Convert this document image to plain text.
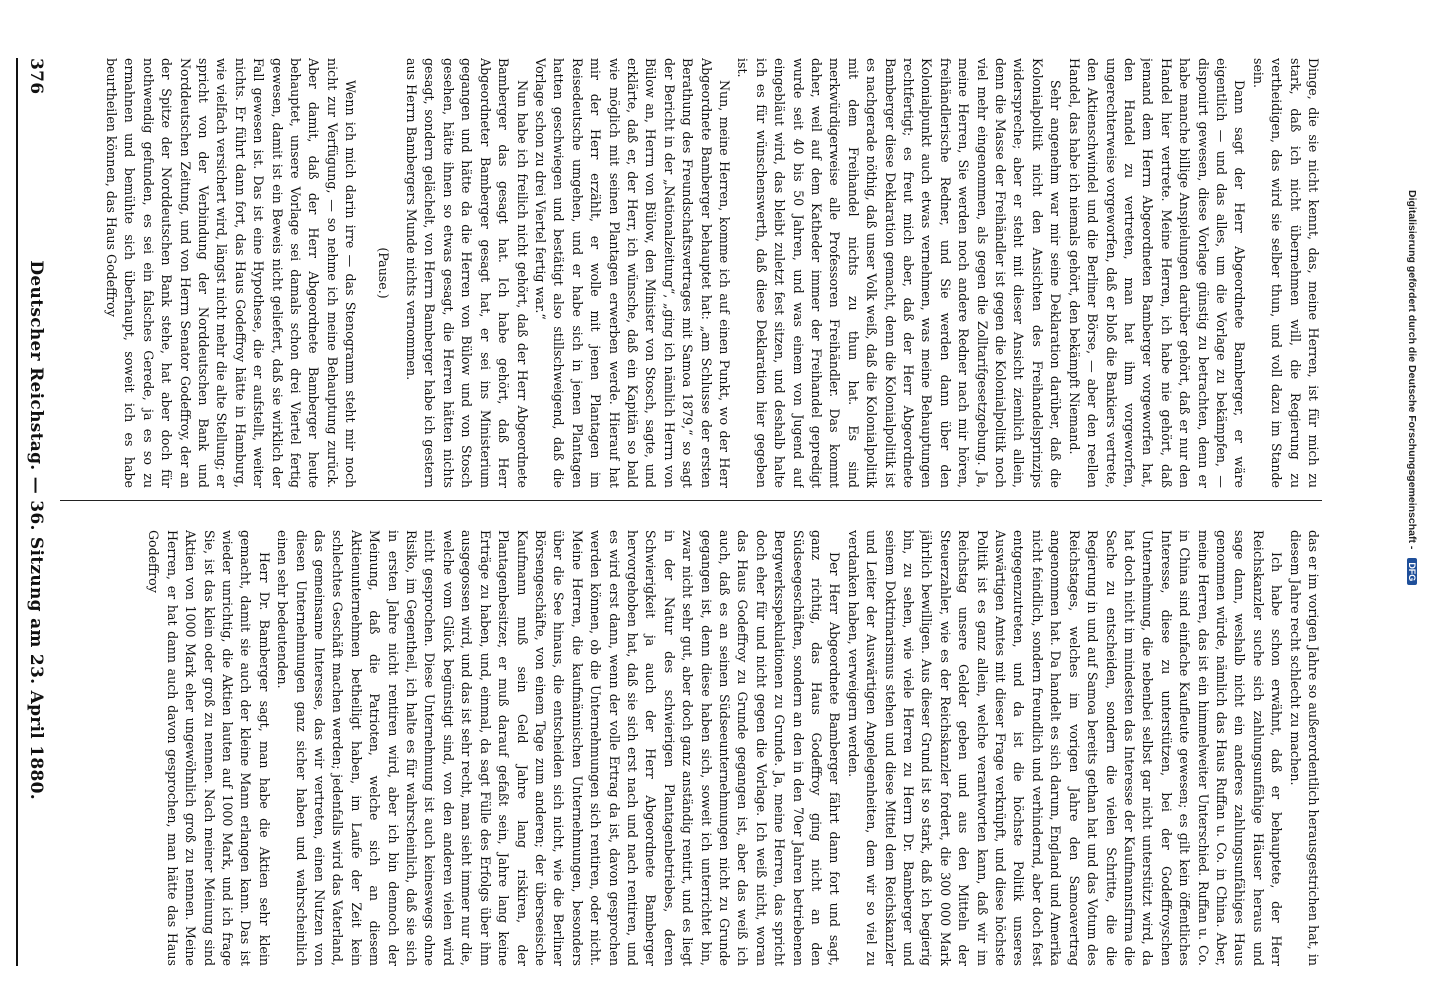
376
Deutscher Reichstag. — 36. Sitzung am 23. April 1880.	Dinge, die sie nicht kennt, das, meine Herren, ist für mich zu stark, daß ich nicht übernehmen will, die Regierung zu vertheidigen, das wird sie selber thun, und voll dazu im Stande sein.

Dann sagt der Herr Abgeordnete Bamberger, er wäre eigentlich — und das alles, um die Vorlage zu bekämpfen, — disponirt gewesen, diese Vorlage günstig zu betrachten, denn er habe manche billige Anspielungen darüber gehört, daß er nur den Handel hier vertrete. Meine Herren, ich habe nie gehört, daß jemand dem Herrn Abgeordneten Bamberger vorgeworfen hat, den Handel zu vertreten, man hat ihm vorgeworfen, ungerechterweise vorgeworfen, daß er bloß die Bankiers vertrete, den Aktienschwindel und die Berliner Börse, — aber den reellen Handel, das habe ich niemals gehört, den bekämpft Niemand.

Sehr angenehm war mir seine Deklaration darüber, daß die Kolonialpolitik nicht den Ansichten des Freihandelsprinzips widerspreche; aber er steht mit dieser Ansicht ziemlich allein, denn die Masse der Freihändler ist gegen die Kolonialpolitik noch viel mehr eingenommen, als gegen die Zolltarifgesetzgebung. Ja, meine Herren, Sie werden noch andere Redner nach mir hören, freihändlerische Redner, und Sie werden dann über den Kolonialpunkt auch etwas vernehmen, was meine Behauptungen rechtfertigt; es freut mich aber, daß der Herr Abgeordnete Bamberger diese Deklaration gemacht, denn die Kolonialpolitik ist es nachgerade nöthig, daß unser Volk weiß, daß die Kolonialpolitik mit dem Freihandel nichts zu thun hat. Es sind merkwürdigerweise alle Professoren Freihändler. Das kommt daher, weil auf dem Katheder immer der Freihandel gepredigt wurde seit 40 bis 50 Jahren, und was einem von Jugend auf eingebläut wird, das bleibt zuletzt fest sitzen, und deshalb halte ich es für wünschenswerth, daß diese Deklaration hier gegeben ist.

Nun, meine Herren, komme ich auf einen Punkt, wo der Herr Abgeordnete Bamberger behauptet hat: „am Schlusse der ersten Berathung des Freundschaftsvertrages mit Samoa 1879,“ so sagt der Bericht in der „Nationalzeitung“, „ging ich nämlich Herrn von Bülow an, Herrn von Bülow, den Minister von Stosch, sagte, und erklärte, daß er, der Herr, ich wünsche, daß ein Kapitän so bald wie möglich mit seinen Plantagen erwerben werde. Hierauf hat mir der Herr erzählt, er wolle mit jenen Plantagen im Reisedeutsche umgehen, und er habe sich in jenen Plantagen hatten geschwiegen und bestätigt also stillschweigend, daß die Vorlage schon zu drei Viertel fertig war.“

Nun habe ich freilich nicht gehört, daß der Herr Abgeordnete Bamberger das gesagt hat. Ich habe gehört, daß Herr Abgeordneter Bamberger gesagt hat, er sei ins Ministerium gegangen und hätte da die Herren von Bülow und von Stosch gesehen, hätte ihnen so etwas gesagt, die Herren hätten nichts gesagt, sondern gelächelt, von Herrn Bamberger habe ich gestern aus Herrn Bambergers Munde nichts vernommen.

(Pause.)

Wenn ich mich darin irre — das Stenogramm steht mir noch nicht zur Verfügung, — so nehme ich meine Behauptung zurück. Aber damit, daß der Herr Abgeordnete Bamberger heute behauptet, unsere Vorlage sei damals schon drei Viertel fertig gewesen, damit ist ein Beweis nicht geliefert, daß sie wirklich der Fall gewesen ist. Das ist eine Hypothese, die er aufstellt, weiter nichts. Er führt dann fort, das Haus Godeffroy hätte in Hamburg, wie vielfach versichert wird, längst nicht mehr die alte Stellung; er spricht von der Verbindung der Norddeutschen Bank und Norddeutschen Zeitung, und von Herrn Senator Godeffroy, der an der Spitze der Norddeutschen Bank stehe, hat aber doch für nothwendig gefunden, es sei ein falsches Gerede, ja es so zu ermahnen und bemühte sich überhaupt, soweit ich es habe beurtheilen können, das Haus Godeffroy

das er im vorigen Jahre so außerordentlich herausgestrichen hat, in diesem Jahre recht schlecht zu machen.

Ich habe schon erwähnt, daß er behauptete, der Herr Reichskanzler suche sich zahlungsunfähige Häuser heraus und sage dann, weshalb nicht ein anderes zahlungsunfähiges Haus genommen würde, nämlich das Haus Ruffan u. Co. in China. Aber, meine Herren, das ist ein himmelweiter Unterschied. Ruffan u. Co. in China sind einfache Kaufleute gewesen; es gilt kein öffentliches Interesse, diese zu unterstützen, bei der Godeffroyschen Unternehmung, die nebenbei selbst gar nicht unterstützt wird, da hat doch nicht im mindesten das Interesse der Kaufmannsfirma die Sache zu entscheiden, sondern die vielen Schritte, die die Regierung in und auf Samoa bereits gethan hat und das Votum des Reichstages, welches im vorigen Jahre den Samoavertrag angenommen hat. Da handelt es sich darum, England und Amerika nicht feindlich, sondern freundlich und verhindernd, aber doch fest entgegenzutreten, und da ist die höchste Politik unseres Auswärtigen Amtes mit dieser Frage verknüpft, und diese höchste Politik ist es ganz allein, welche verantworten kann, daß wir im Reichstag unsere Gelder geben und aus den Mitteln der Steuerzahler, wie es der Reichskanzler fordert, die 300 000 Mark jährlich bewilligen. Aus dieser Grund ist so stark, daß ich begierig bin, zu sehen, wie viele Herren zu Herrn Dr. Bamberger und seinem Doktrinarismus stehen und diese Mittel dem Reichskanzler und Leiter der Auswärtigen Angelegenheiten, dem wir so viel zu verdanken haben, verweigern werden.

Der Herr Abgeordnete Bamberger fährt dann fort und sagt, ganz richtig, das Haus Godeffroy ging nicht an den Südseegeschäften, sondern an den in den 70er Jahren betriebenen Bergwerksspekulationen zu Grunde. Ja, meine Herren, das spricht doch eher für und nicht gegen die Vorlage. Ich weiß nicht, woran das Haus Godeffroy zu Grunde gegangen ist, aber das weiß ich auch, daß es an seinen Südseeunternehmungen nicht zu Grunde gegangen ist, denn diese haben sich, soweit ich unterrichtet bin, zwar nicht sehr gut, aber doch ganz anständig rentirt, und es liegt in der Natur des schwierigen Plantagenbetriebes, deren Schwierigkeit ja auch der Herr Abgeordnete Bamberger hervorgehoben hat, daß sie sich erst nach und nach rentiren, und es wird erst dann, wenn der volle Ertrag da ist, davon gesprochen werden können, ob die Unternehmungen sich rentiren, oder nicht. Meine Herren, die kaufmännischen Unternehmungen, besonders über die See hinaus, die entscheiden sich nicht, wie die Berliner Börsengeschäfte, von einem Tage zum anderen; der überseeische Kaufmann muß sein Geld Jahre lang riskiren, der Plantagenbesitzer, er muß darauf gefaßt sein, Jahre lang keine Erträge zu haben, und, einmal, da sagt Fülle des Erfolgs über ihm ausgegossen wird, und das ist sehr recht, man sieht immer nur die, welche vom Glück begünstigt sind, von den anderen vielen wird nicht gesprochen. Diese Unternehmung ist auch keineswegs ohne Risiko, im Gegentheil, ich halte es für wahrscheinlich, daß sie sich in ersten Jahre nicht rentiren wird, aber ich bin dennoch der Meinung, daß die Patrioten, welche sich an diesem Aktienunternehmen betheiligt haben, im Laufe der Zeit kein schlechtes Geschäft machen werden; jedenfalls wird das Vaterland, das gemeinsame Interesse, das wir vertreten, einen Nutzen von diesen Unternehmungen ganz sicher haben und wahrscheinlich einen sehr bedeutenden.

Herr Dr. Bamberger sagt, man habe die Aktien sehr klein gemacht, damit sie auch der kleine Mann erlangen kann. Das ist wieder unrichtig, die Aktien lauten auf 1000 Mark, und ich frage Sie, ist das klein oder groß zu nennen. Nach meiner Meinung sind Aktien von 1000 Mark eher ungewöhnlich groß zu nennen. Meine Herren, er hat dann auch davon gesprochen, man hätte das Haus Godeffroy

Digitalisierung gefördert durch die Deutsche Forschungsgemeinschaft - DFG
